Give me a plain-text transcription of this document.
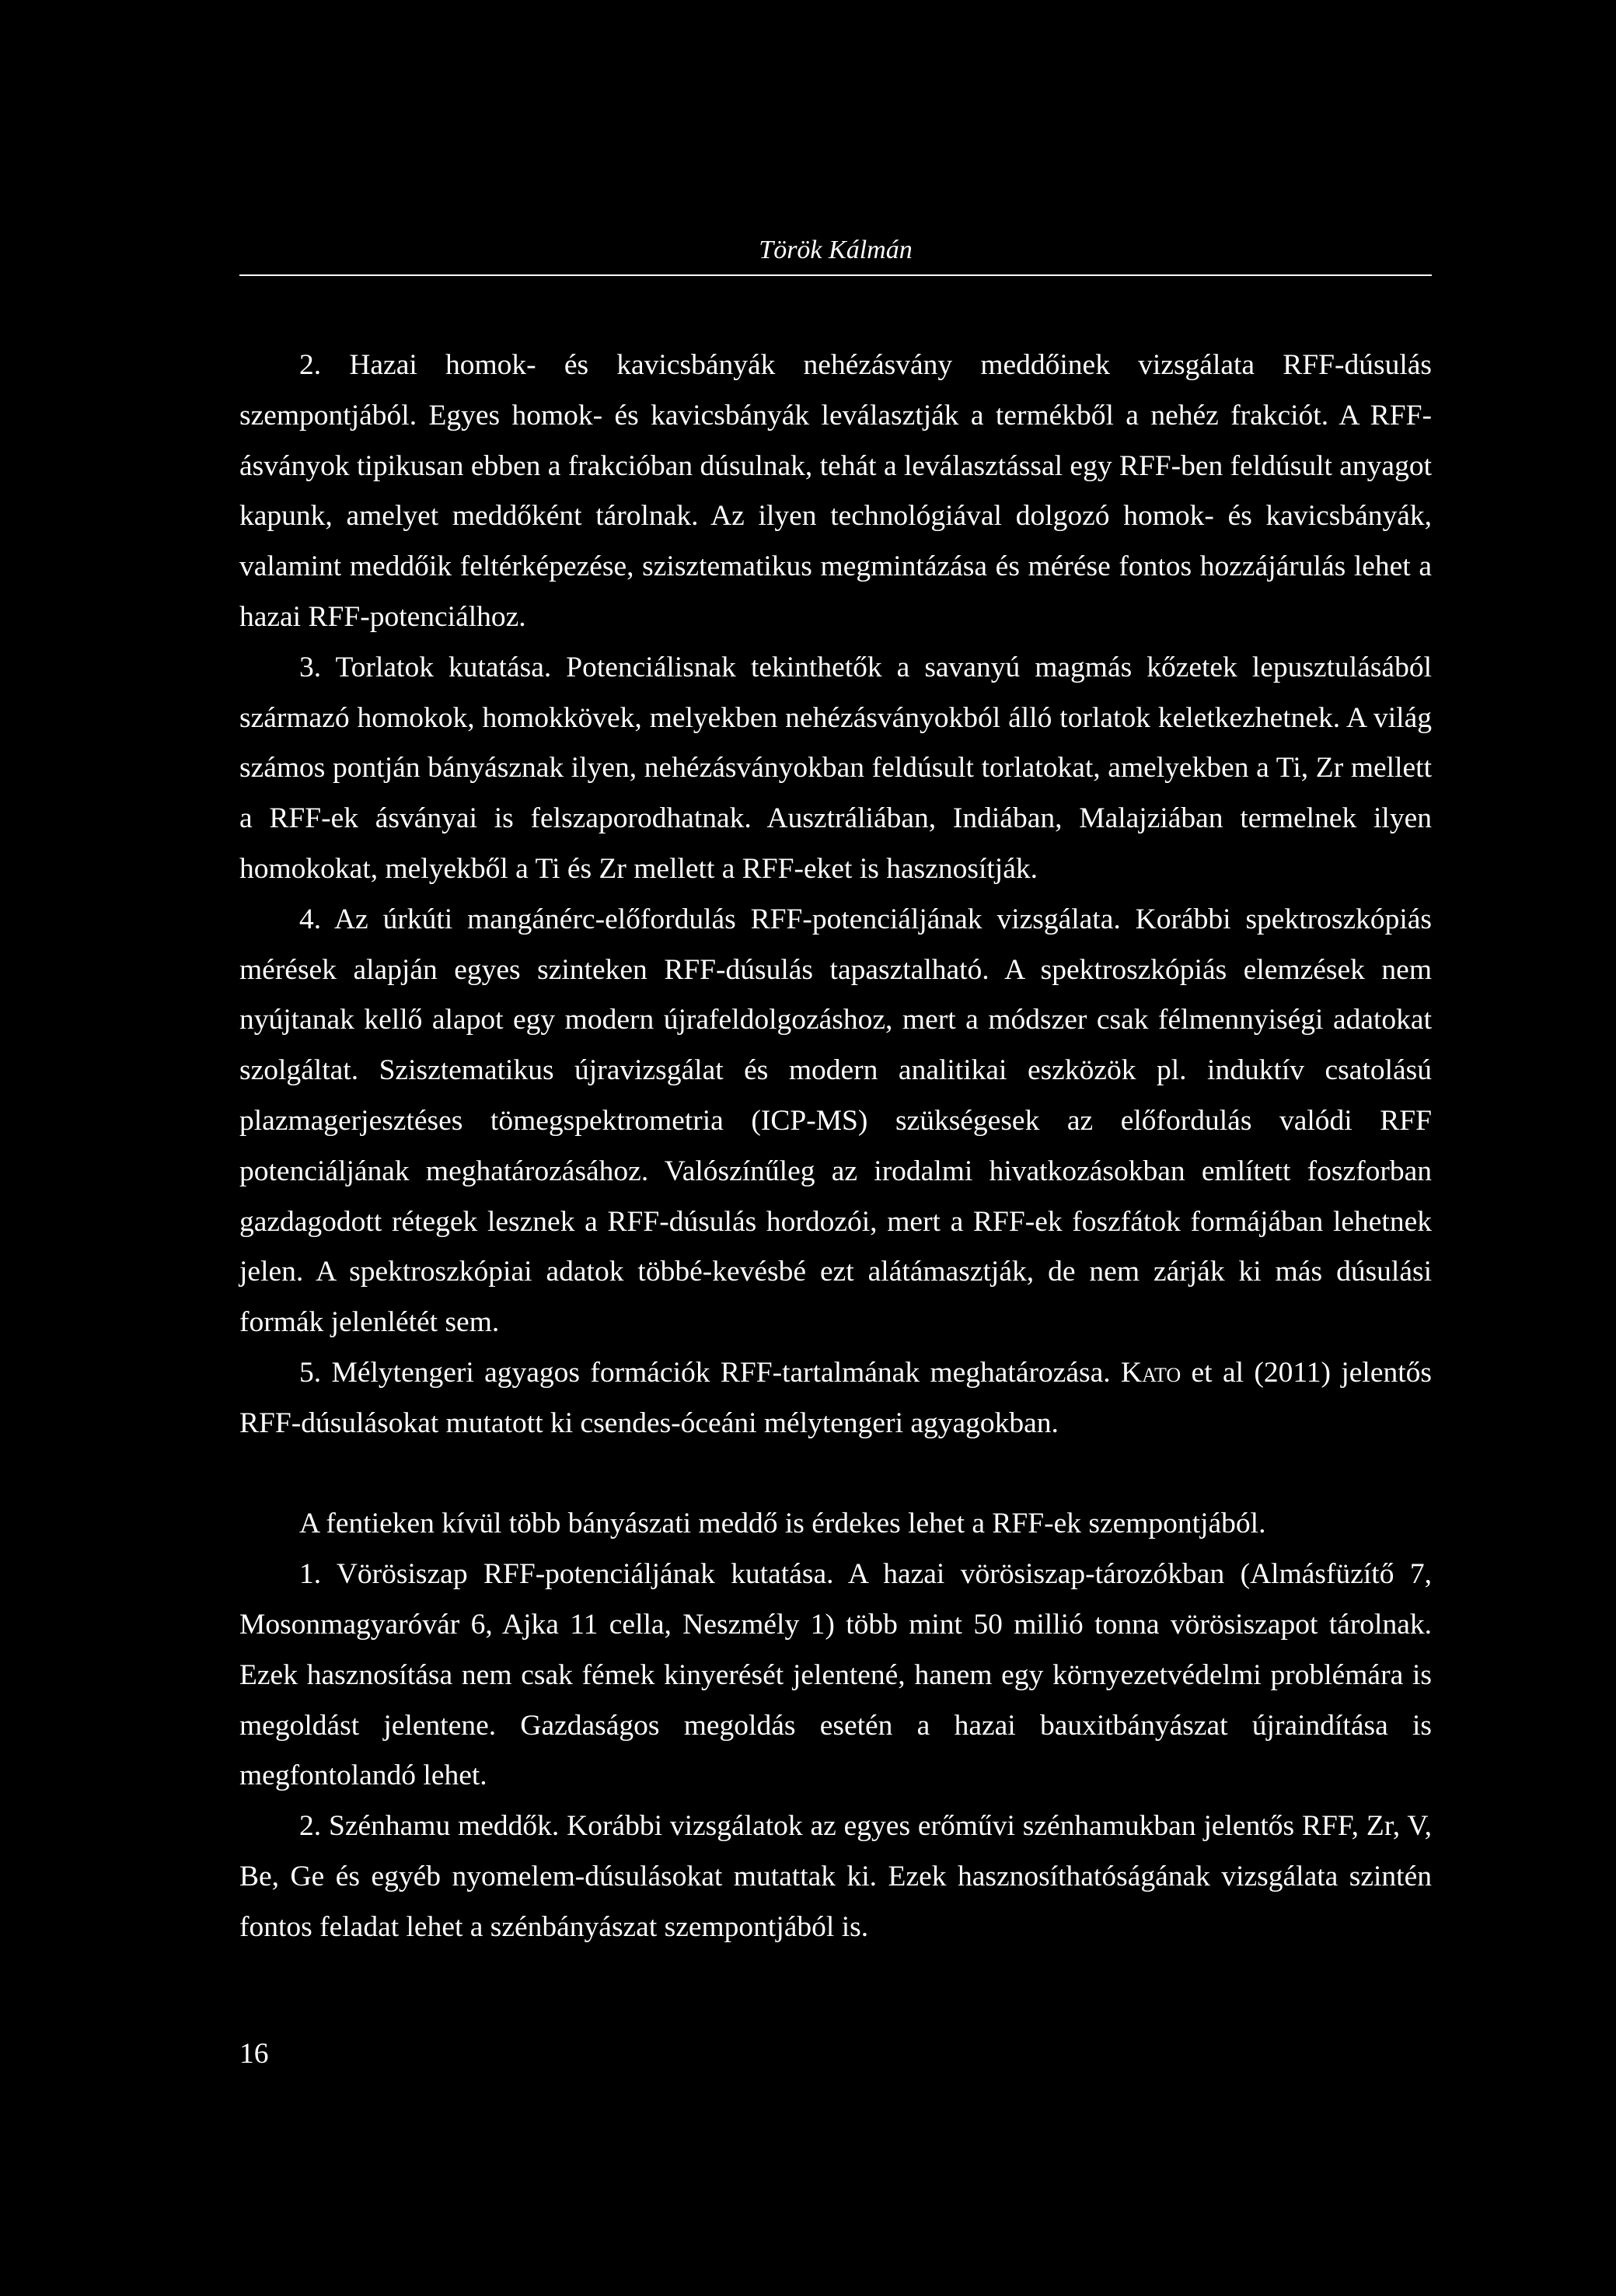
Török Kálmán

2. Hazai homok- és kavicsbányák nehézásvány meddőinek vizsgálata RFF-dúsulás szempontjából. Egyes homok- és kavicsbányák leválasztják a termékből a nehéz frakciót. A RFF-ásványok tipikusan ebben a frakcióban dúsulnak, tehát a leválasztással egy RFF-ben feldúsult anyagot kapunk, amelyet meddőként tárolnak. Az ilyen technológiával dolgozó homok- és kavicsbányák, valamint meddőik feltérképezése, szisztematikus megmintázása és mérése fontos hozzájárulás lehet a hazai RFF-potenciálhoz.

3. Torlatok kutatása. Potenciálisnak tekinthetők a savanyú magmás kőzetek lepusztulásából származó homokok, homokkövek, melyekben nehézásványokból álló torlatok keletkezhetnek. A világ számos pontján bányásznak ilyen, nehézásványokban feldúsult torlatokat, amelyekben a Ti, Zr mellett a RFF-ek ásványai is felszaporodhatnak. Ausztráliában, Indiában, Malajziában termelnek ilyen homokokat, melyekből a Ti és Zr mellett a RFF-eket is hasznosítják.

4. Az úrkúti mangánérc-előfordulás RFF-potenciáljának vizsgálata. Korábbi spektroszkópiás mérések alapján egyes szinteken RFF-dúsulás tapasztalható. A spektroszkópiás elemzések nem nyújtanak kellő alapot egy modern újrafeldolgozáshoz, mert a módszer csak félmennyiségi adatokat szolgáltat. Szisztematikus újravizsgálat és modern analitikai eszközök pl. induktív csatolású plazmagerjesztéses tömegspektrometria (ICP-MS) szükségesek az előfordulás valódi RFF potenciáljának meghatározásához. Valószínűleg az irodalmi hivatkozásokban említett foszforban gazdagodott rétegek lesznek a RFF-dúsulás hordozói, mert a RFF-ek foszfátok formájában lehetnek jelen. A spektroszkópiai adatok többé-kevésbé ezt alátámasztják, de nem zárják ki más dúsulási formák jelenlétét sem.

5. Mélytengeri agyagos formációk RFF-tartalmának meghatározása. Kato et al (2011) jelentős RFF-dúsulásokat mutatott ki csendes-óceáni mélytengeri agyagokban.

A fentieken kívül több bányászati meddő is érdekes lehet a RFF-ek szempontjából.

1. Vörösiszap RFF-potenciáljának kutatása. A hazai vörösiszap-tározókban (Almásfüzítő 7, Mosonmagyaróvár 6, Ajka 11 cella, Neszmély 1) több mint 50 millió tonna vörösiszapot tárolnak. Ezek hasznosítása nem csak fémek kinyerését jelentené, hanem egy környezetvédelmi problémára is megoldást jelentene. Gazdaságos megoldás esetén a hazai bauxitbányászat újraindítása is megfontolandó lehet.

2. Szénhamu meddők. Korábbi vizsgálatok az egyes erőművi szénhamukban jelentős RFF, Zr, V, Be, Ge és egyéb nyomelem-dúsulásokat mutattak ki. Ezek hasznosíthatóságának vizsgálata szintén fontos feladat lehet a szénbányászat szempontjából is.

16
